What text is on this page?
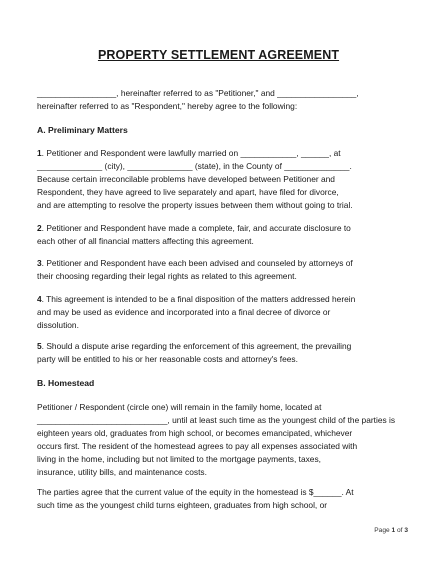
PROPERTY SETTLEMENT AGREEMENT

_________________, hereinafter referred to as "Petitioner," and _________________,
hereinafter referred to as "Respondent," hereby agree to the following:

A. Preliminary Matters

1. Petitioner and Respondent were lawfully married on ____________, ______, at
______________ (city), ______________ (state), in the County of ______________.
Because certain irreconcilable problems have developed between Petitioner and
Respondent, they have agreed to live separately and apart, have filed for divorce,
and are attempting to resolve the property issues between them without going to trial.

2. Petitioner and Respondent have made a complete, fair, and accurate disclosure to
each other of all financial matters affecting this agreement.

3. Petitioner and Respondent have each been advised and counseled by attorneys of
their choosing regarding their legal rights as related to this agreement.

4. This agreement is intended to be a final disposition of the matters addressed herein
and may be used as evidence and incorporated into a final decree of divorce or
dissolution.

5. Should a dispute arise regarding the enforcement of this agreement, the prevailing
party will be entitled to his or her reasonable costs and attorney's fees.

B. Homestead

Petitioner / Respondent (circle one) will remain in the family home, located at
____________________________, until at least such time as the youngest child of the parties is
eighteen years old, graduates from high school, or becomes emancipated, whichever
occurs first. The resident of the homestead agrees to pay all expenses associated with
living in the home, including but not limited to the mortgage payments, taxes,
insurance, utility bills, and maintenance costs.

The parties agree that the current value of the equity in the homestead is $______. At
such time as the youngest child turns eighteen, graduates from high school, or

Page 1 of 3
